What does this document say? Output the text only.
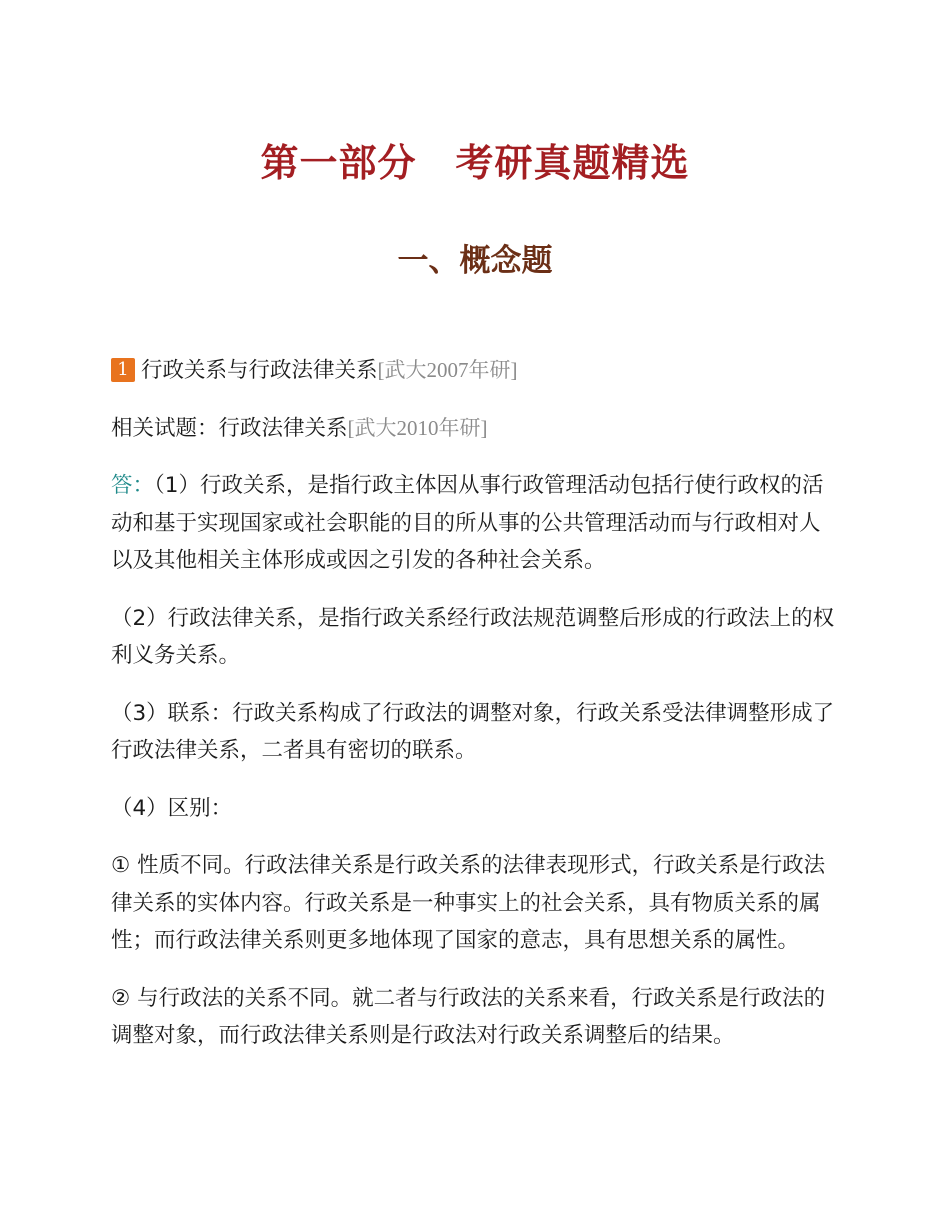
第一部分　考研真题精选
一、概念题

1 行政关系与行政法律关系[武大2007年研]

相关试题：行政法律关系[武大2010年研]

答：（1）行政关系，是指行政主体因从事行政管理活动包括行使行政权的活动和基于实现国家或社会职能的目的所从事的公共管理活动而与行政相对人以及其他相关主体形成或因之引发的各种社会关系。

（2）行政法律关系，是指行政关系经行政法规范调整后形成的行政法上的权利义务关系。

（3）联系：行政关系构成了行政法的调整对象，行政关系受法律调整形成了行政法律关系，二者具有密切的联系。

（4）区别：

① 性质不同。行政法律关系是行政关系的法律表现形式，行政关系是行政法律关系的实体内容。行政关系是一种事实上的社会关系，具有物质关系的属性；而行政法律关系则更多地体现了国家的意志，具有思想关系的属性。

② 与行政法的关系不同。就二者与行政法的关系来看，行政关系是行政法的调整对象，而行政法律关系则是行政法对行政关系调整后的结果。
